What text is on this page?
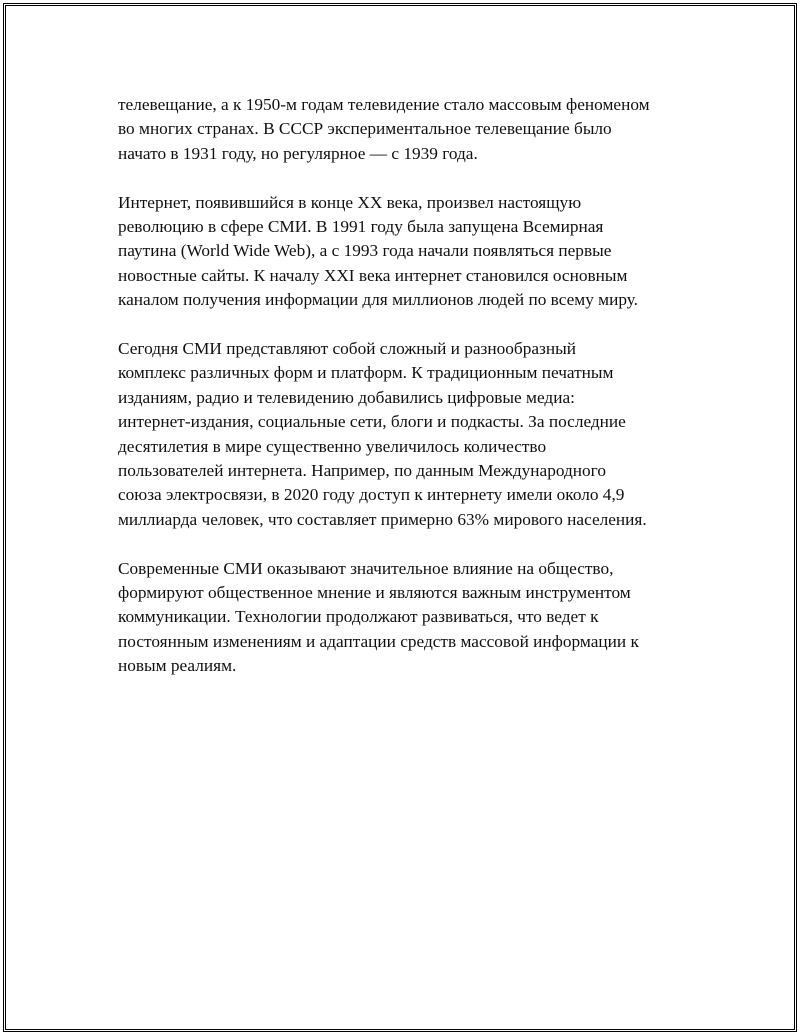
телевещание, а к 1950-м годам телевидение стало массовым феноменом
во многих странах. В СССР экспериментальное телевещание было
начато в 1931 году, но регулярное — с 1939 года.

Интернет, появившийся в конце XX века, произвел настоящую
революцию в сфере СМИ. В 1991 году была запущена Всемирная
паутина (World Wide Web), а с 1993 года начали появляться первые
новостные сайты. К началу XXI века интернет становился основным
каналом получения информации для миллионов людей по всему миру.

Сегодня СМИ представляют собой сложный и разнообразный
комплекс различных форм и платформ. К традиционным печатным
изданиям, радио и телевидению добавились цифровые медиа:
интернет-издания, социальные сети, блоги и подкасты. За последние
десятилетия в мире существенно увеличилось количество
пользователей интернета. Например, по данным Международного
союза электросвязи, в 2020 году доступ к интернету имели около 4,9
миллиарда человек, что составляет примерно 63% мирового населения.

Современные СМИ оказывают значительное влияние на общество,
формируют общественное мнение и являются важным инструментом
коммуникации. Технологии продолжают развиваться, что ведет к
постоянным изменениям и адаптации средств массовой информации к
новым реалиям.
